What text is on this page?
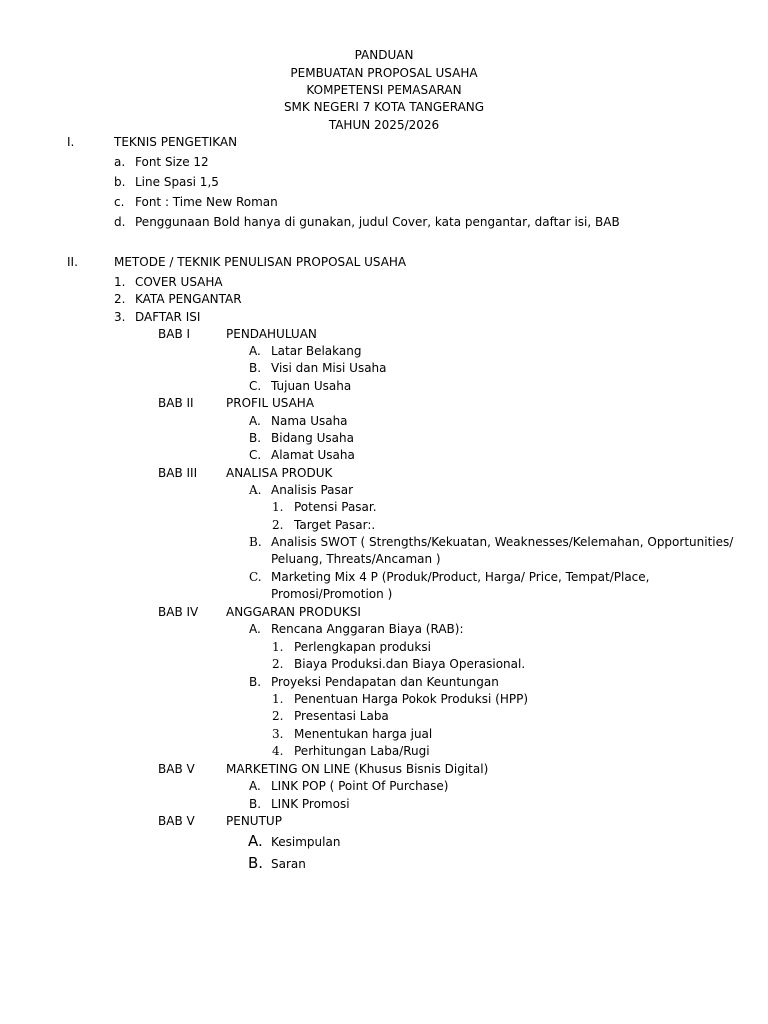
PANDUAN
PEMBUATAN PROPOSAL USAHA
KOMPETENSI PEMASARAN
SMK NEGERI 7 KOTA TANGERANG
TAHUN 2025/2026
I.	TEKNIS PENGETIKAN
a. Font Size 12
b. Line Spasi 1,5
c. Font : Time New Roman
d. Penggunaan Bold hanya di gunakan, judul Cover, kata pengantar, daftar isi, BAB
II.	METODE / TEKNIK PENULISAN PROPOSAL USAHA
1. COVER USAHA
2. KATA PENGANTAR
3. DAFTAR ISI
BAB I	PENDAHULUAN
A. Latar Belakang
B. Visi dan Misi Usaha
C. Tujuan Usaha
BAB II	PROFIL USAHA
A. Nama Usaha
B. Bidang Usaha
C. Alamat Usaha
BAB III ANALISA PRODUK
A. Analisis Pasar
1. Potensi Pasar.
2. Target Pasar:.
B. Analisis SWOT ( Strengths/Kekuatan, Weaknesses/Kelemahan, Opportunities/
Peluang, Threats/Ancaman )
C. Marketing Mix 4 P (Produk/Product, Harga/ Price, Tempat/Place,
Promosi/Promotion )
BAB IV ANGGARAN PRODUKSI
A. Rencana Anggaran Biaya (RAB):
1. Perlengkapan produksi
2. Biaya Produksi.dan Biaya Operasional.
B. Proyeksi Pendapatan dan Keuntungan
1. Penentuan Harga Pokok Produksi (HPP)
2. Presentasi Laba
3. Menentukan harga jual
4. Perhitungan Laba/Rugi
BAB V	MARKETING ON LINE (Khusus Bisnis Digital)
A. LINK POP ( Point Of Purchase)
B. LINK Promosi
BAB V	PENUTUP
A. Kesimpulan
B. Saran
